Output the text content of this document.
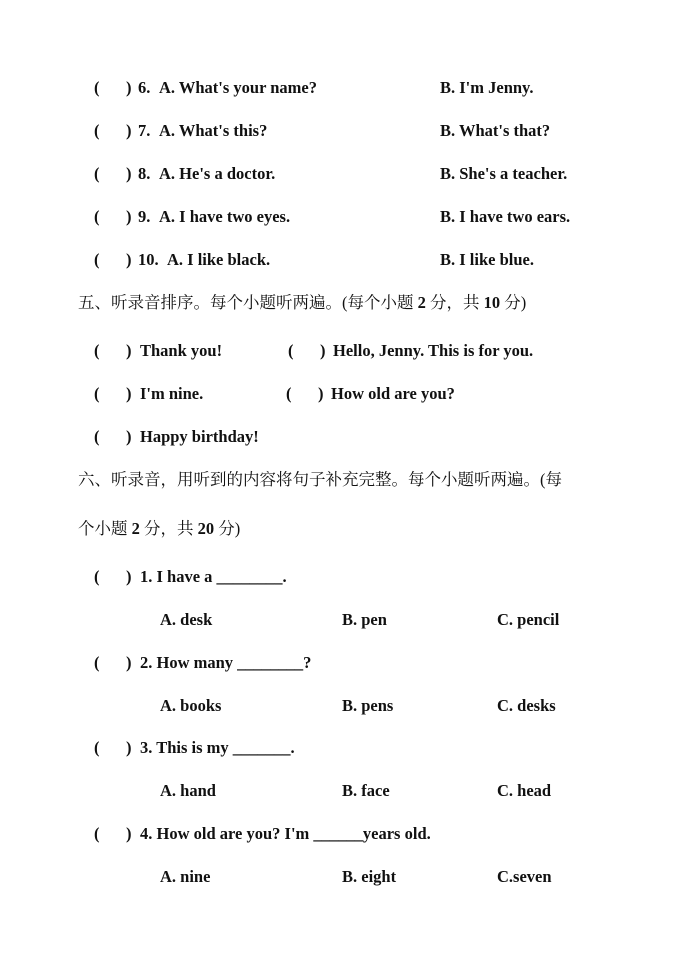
( ) 6. A. What's your name?	B. I'm Jenny.
( ) 7. A. What's this?	B. What's that?
( ) 8. A. He's a doctor.	B. She's a teacher.
( ) 9. A. I have two eyes.	B. I have two ears.
( ) 10. A. I like black.	B. I like blue.
五、听录音排序。每个小题听两遍。(每个小题 2 分，共 10 分)
( ) Thank you!	( ) Hello, Jenny. This is for you.
( ) I'm nine.	( ) How old are you?
( ) Happy birthday!
六、听录音，用听到的内容将句子补充完整。每个小题听两遍。(每
个小题 2 分，共 20 分)
( ) 1. I have a ________.
A. desk	B. pen	C. pencil
( ) 2. How many ________?
A. books	B. pens	C. desks
( ) 3. This is my _______.
A. hand	B. face	C. head
( ) 4. How old are you? I'm ______years old.
A. nine	B. eight	C.seven
